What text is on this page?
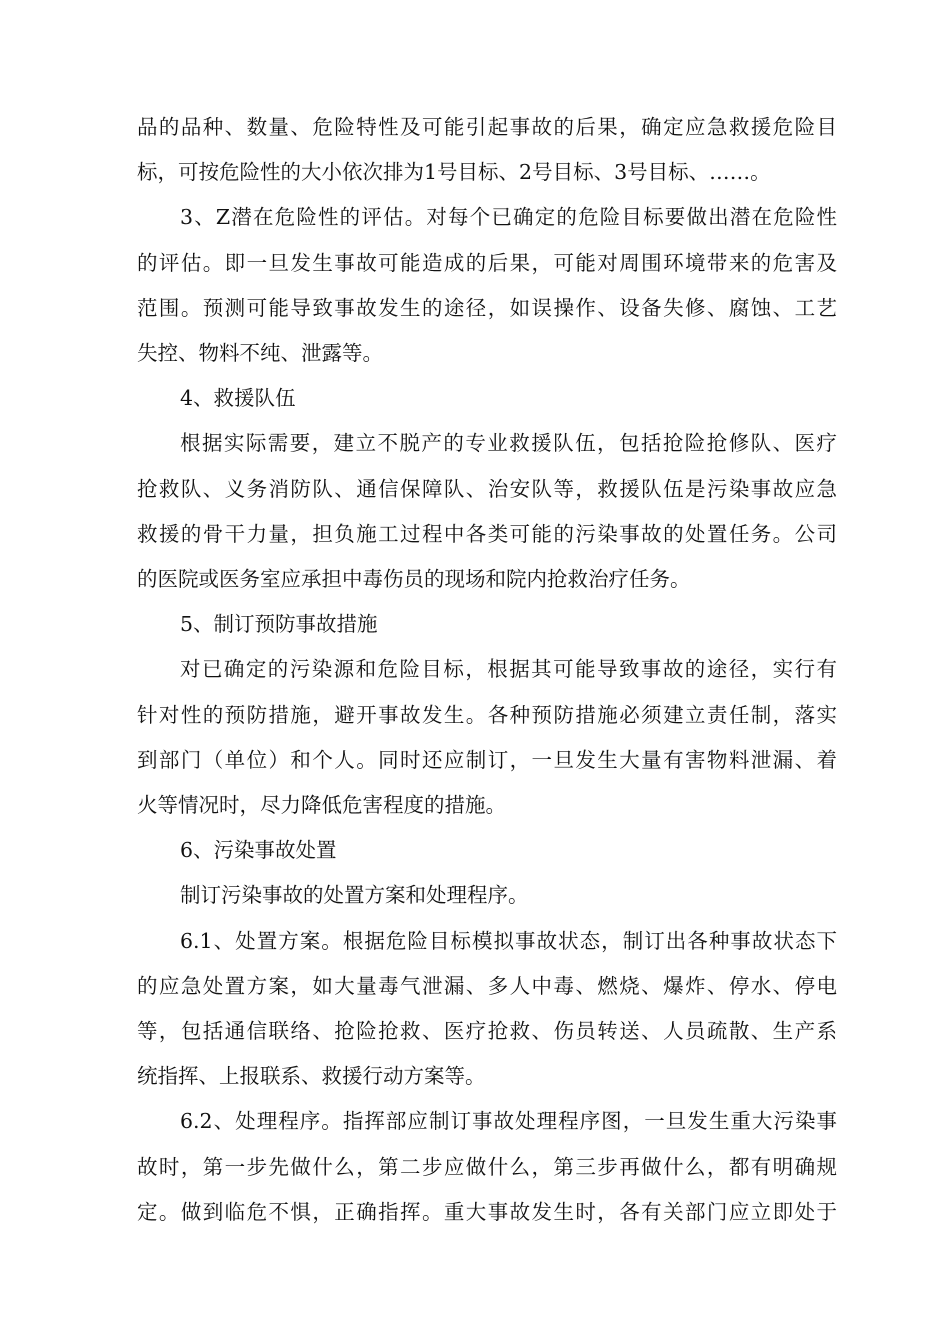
品的品种、数量、危险特性及可能引起事故的后果，确定应急救援危险目
标，可按危险性的大小依次排为1号目标、2号目标、3号目标、……。
3、Z潜在危险性的评估。对每个已确定的危险目标要做出潜在危险性
的评估。即一旦发生事故可能造成的后果，可能对周围环境带来的危害及
范围。预测可能导致事故发生的途径，如误操作、设备失修、腐蚀、工艺
失控、物料不纯、泄露等。
4、救援队伍
根据实际需要，建立不脱产的专业救援队伍，包括抢险抢修队、医疗
抢救队、义务消防队、通信保障队、治安队等，救援队伍是污染事故应急
救援的骨干力量，担负施工过程中各类可能的污染事故的处置任务。公司
的医院或医务室应承担中毒伤员的现场和院内抢救治疗任务。
5、制订预防事故措施
对已确定的污染源和危险目标，根据其可能导致事故的途径，实行有
针对性的预防措施，避开事故发生。各种预防措施必须建立责任制，落实
到部门（单位）和个人。同时还应制订，一旦发生大量有害物料泄漏、着
火等情况时，尽力降低危害程度的措施。
6、污染事故处置
制订污染事故的处置方案和处理程序。
6.1、处置方案。根据危险目标模拟事故状态，制订出各种事故状态下
的应急处置方案，如大量毒气泄漏、多人中毒、燃烧、爆炸、停水、停电
等，包括通信联络、抢险抢救、医疗抢救、伤员转送、人员疏散、生产系
统指挥、上报联系、救援行动方案等。
6.2、处理程序。指挥部应制订事故处理程序图，一旦发生重大污染事
故时，第一步先做什么，第二步应做什么，第三步再做什么，都有明确规
定。做到临危不惧，正确指挥。重大事故发生时，各有关部门应立即处于
